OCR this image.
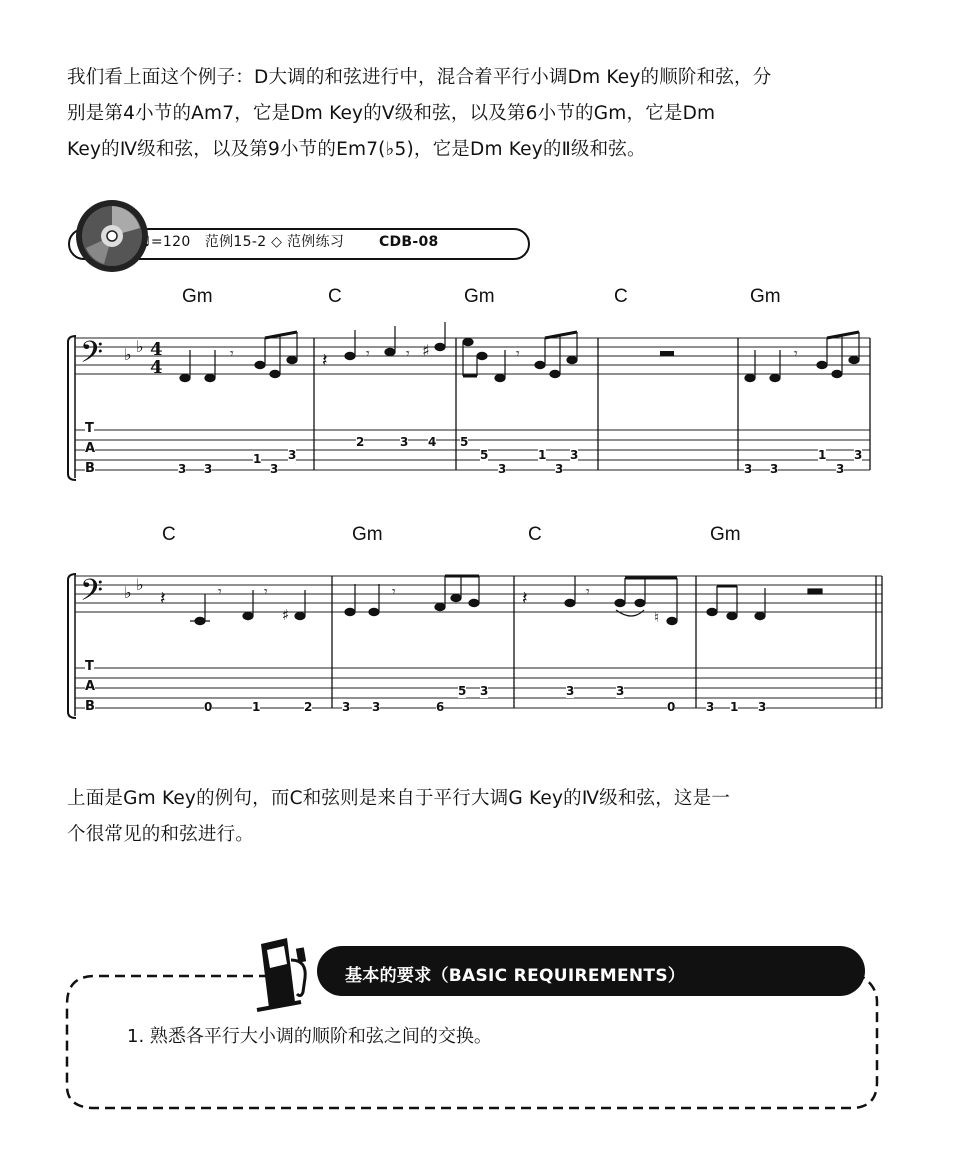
我们看上面这个例子：D大调的和弦进行中，混合着平行小调Dm Key的顺阶和弦，分
别是第4小节的Am7，它是Dm Key的Ⅴ级和弦，以及第6小节的Gm，它是Dm
Key的Ⅳ级和弦，以及第9小节的Em7(♭5)，它是Dm Key的Ⅱ级和弦。
♩=120 范例15-2 ◇ 范例练习 CDB-08
Gm	C	Gm	C	Gm
𝄢 ♭ ♭ 4
4
𝄾	𝄽	𝄾	𝄾 ♯	𝄾	𝄾
T
A
B	3 3
1 3
3
2	3 4 5
5
3
1 3
3	3 3
1 3
3
C	Gm	C	Gm
𝄢 ♭ ♭
𝄽	𝄾	𝄾
♯
𝄾	𝄽	𝄾
♮
T
A
B	0	1	2 3 3	6
5 3	3	3
0	3 1 3
上面是Gm Key的例句，而C和弦则是来自于平行大调G Key的Ⅳ级和弦，这是一
个很常见的和弦进行。
基本的要求（BASIC REQUIREMENTS）
1. 熟悉各平行大小调的顺阶和弦之间的交换。
